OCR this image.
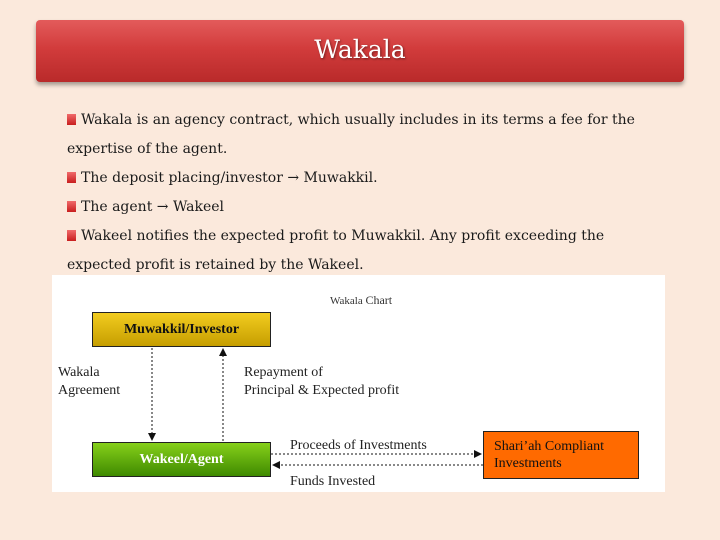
Wakala

Wakala is an agency contract, which usually includes in its terms a fee for the expertise of the agent.

The deposit placing/investor → Muwakkil.

The agent → Wakeel

Wakeel notifies the expected profit to Muwakkil. Any profit exceeding the expected profit is retained by the Wakeel.

Wakala Chart
Muwakkil/Investor
Wakeel/Agent
Shari’ah Compliant Investments
Wakala
Agreement
Repayment of
Principal & Expected profit
Proceeds of Investments
Funds Invested
